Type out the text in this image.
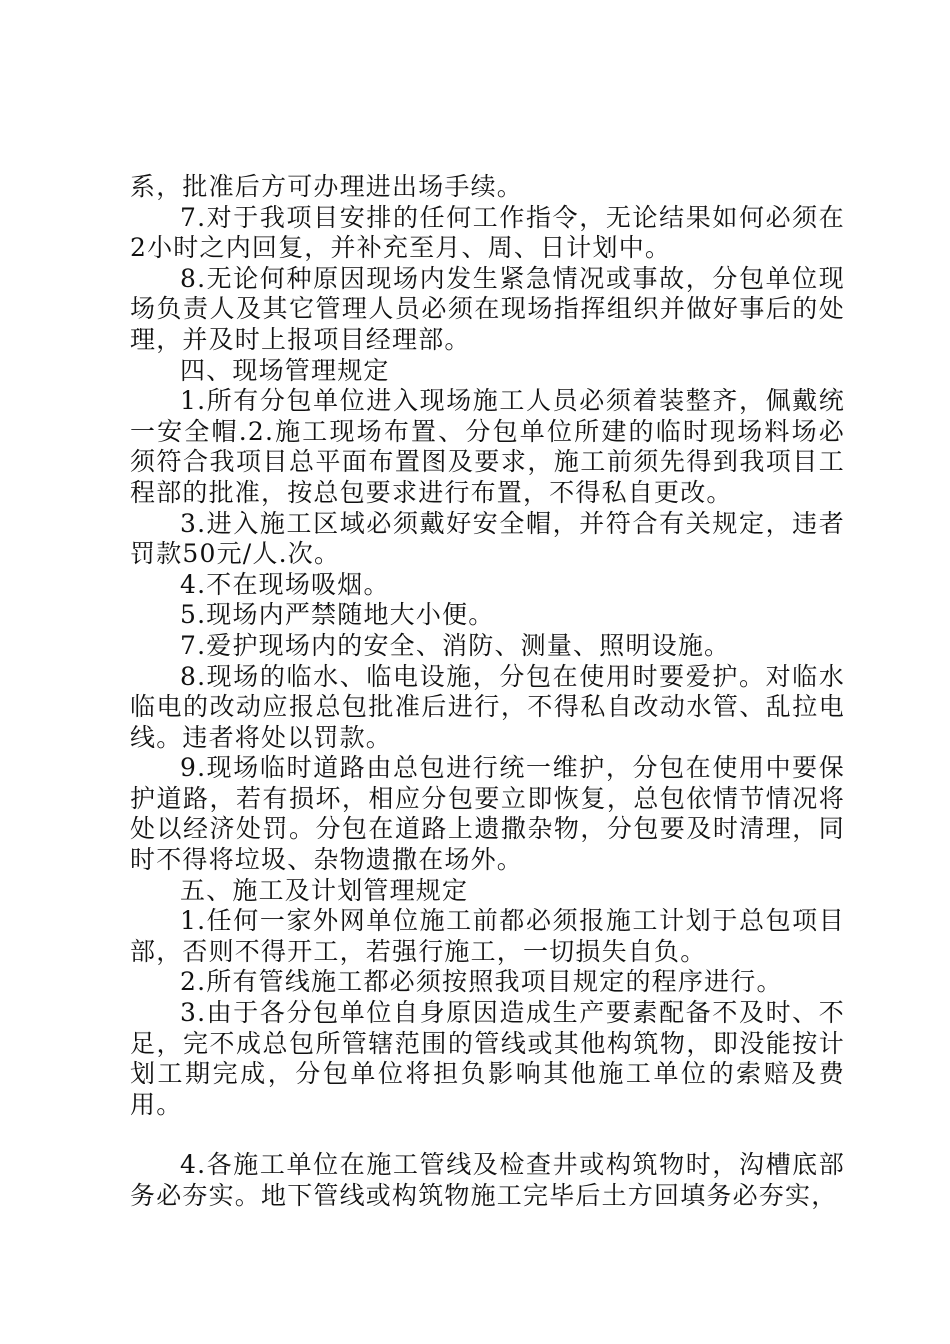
系，批准后方可办理进出场手续。

7.对于我项目安排的任何工作指令，无论结果如何必须在2小时之内回复，并补充至月、周、日计划中。

8.无论何种原因现场内发生紧急情况或事故，分包单位现场负责人及其它管理人员必须在现场指挥组织并做好事后的处理，并及时上报项目经理部。

四、现场管理规定

1.所有分包单位进入现场施工人员必须着装整齐，佩戴统一安全帽.2.施工现场布置、分包单位所建的临时现场料场必须符合我项目总平面布置图及要求，施工前须先得到我项目工程部的批准，按总包要求进行布置，不得私自更改。

3.进入施工区域必须戴好安全帽，并符合有关规定，违者罚款50元/人.次。

4.不在现场吸烟。

5.现场内严禁随地大小便。

7.爱护现场内的安全、消防、测量、照明设施。

8.现场的临水、临电设施，分包在使用时要爱护。对临水临电的改动应报总包批准后进行，不得私自改动水管、乱拉电线。违者将处以罚款。

9.现场临时道路由总包进行统一维护，分包在使用中要保护道路，若有损坏，相应分包要立即恢复，总包依情节情况将处以经济处罚。分包在道路上遗撒杂物，分包要及时清理，同时不得将垃圾、杂物遗撒在场外。

五、施工及计划管理规定

1.任何一家外网单位施工前都必须报施工计划于总包项目部，否则不得开工，若强行施工，一切损失自负。

2.所有管线施工都必须按照我项目规定的程序进行。

3.由于各分包单位自身原因造成生产要素配备不及时、不足，完不成总包所管辖范围的管线或其他构筑物，即没能按计划工期完成，分包单位将担负影响其他施工单位的索赔及费用。

4.各施工单位在施工管线及检查井或构筑物时，沟槽底部务必夯实。地下管线或构筑物施工完毕后土方回填务必夯实，
